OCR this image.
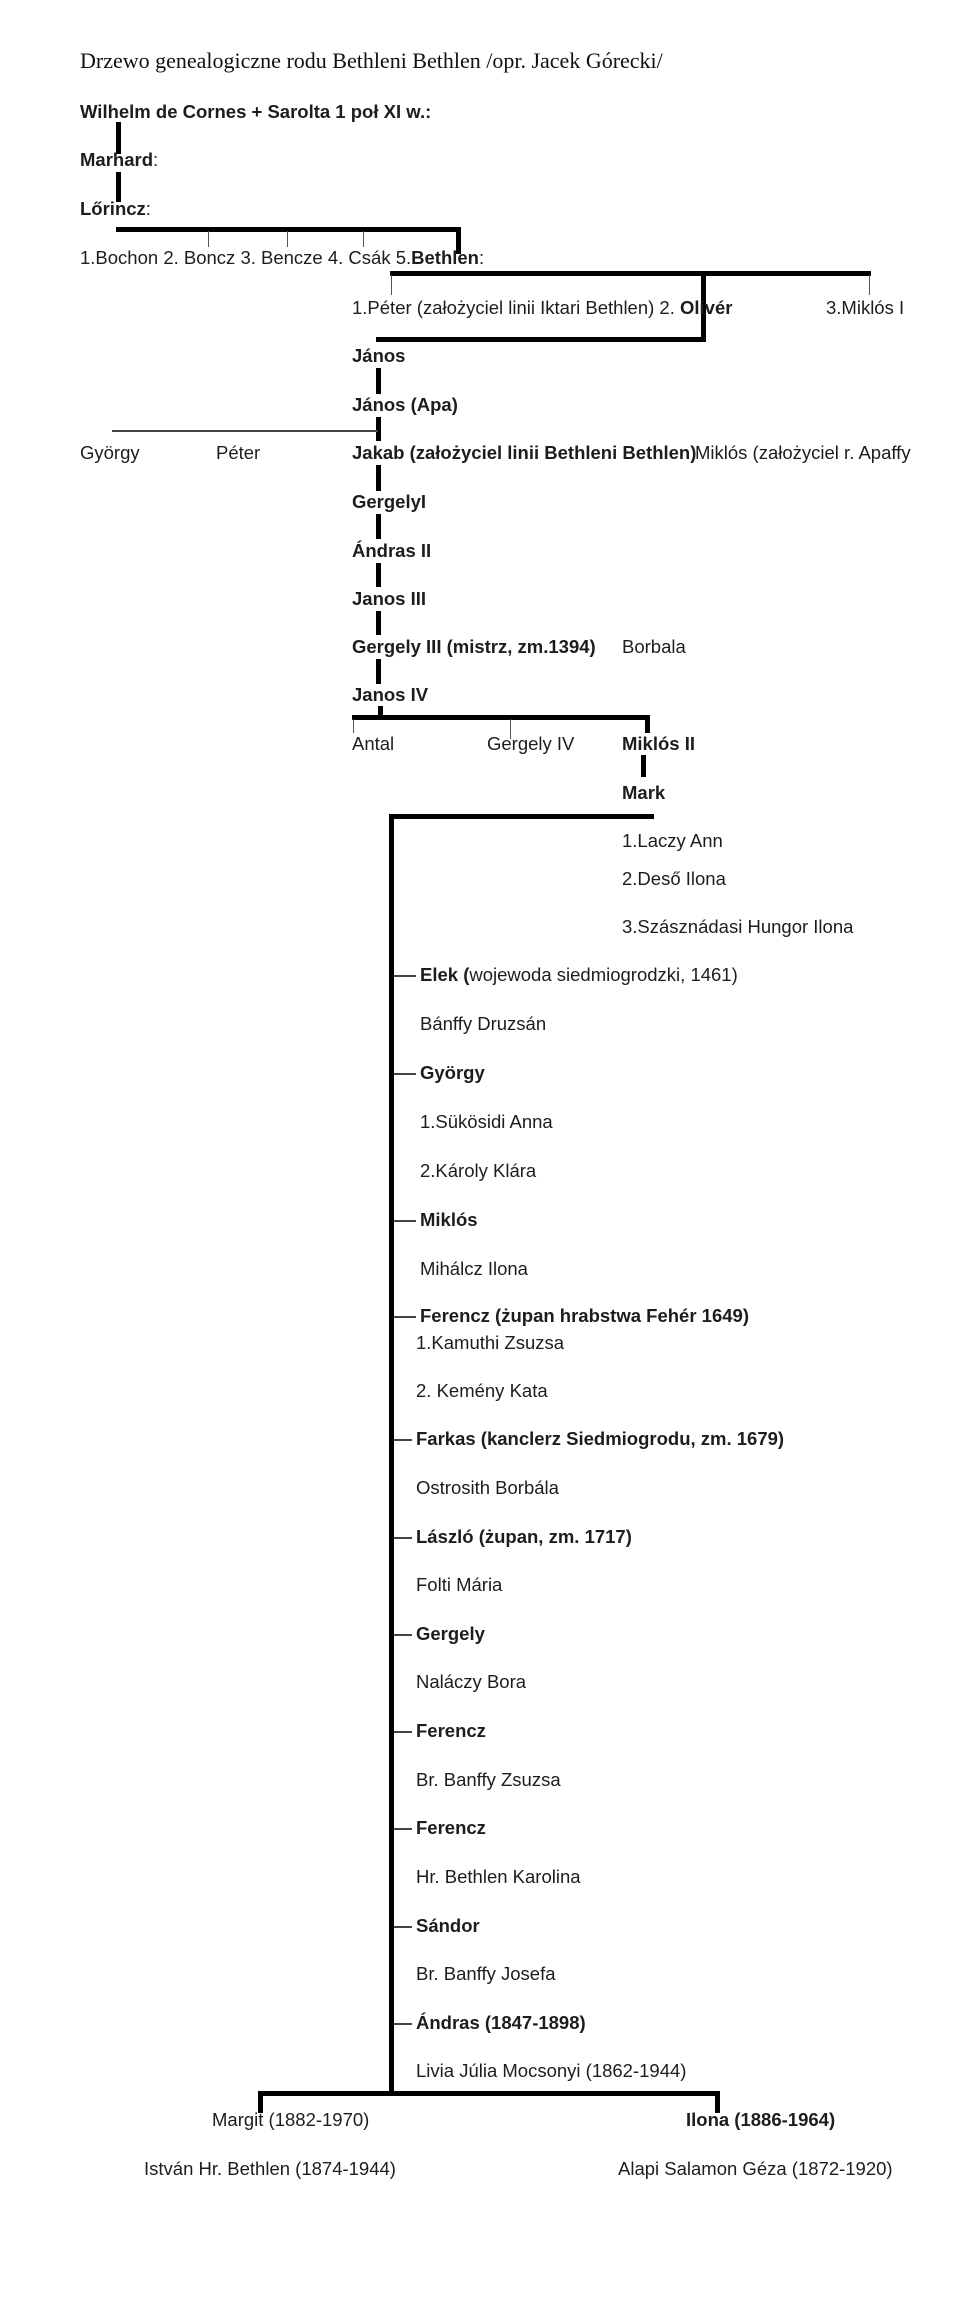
Drzewo genealogiczne rodu Bethleni Bethlen /opr. Jacek Górecki/
Wilhelm de Cornes + Sarolta 1 poł XI w.:
Marhard:
Lőrincz:
1.Bochon 2. Boncz 3. Bencze 4. Csák 5.Bethlen:
1.Péter (założyciel linii Iktari Bethlen) 2. Olivér	3.Miklós I
János
János (Apa)
György	Péter	Jakab (założyciel linii Bethleni Bethlen)
Miklós (założyciel r. Apaffy
GergelyI
Ándras II
Janos III
Gergely III (mistrz, zm.1394) Borbala
Janos IV
Antal	Gergely IV	Miklós II
Mark
1.Laczy Ann
2.Deső Ilona
3.Szásznádasi Hungor Ilona
Elek (wojewoda siedmiogrodzki, 1461)
Bánffy Druzsán
György
1.Sükösidi Anna
2.Károly Klára
Miklós
Mihálcz Ilona
Ferencz (żupan hrabstwa Fehér 1649)
1.Kamuthi Zsuzsa
2. Kemény Kata
Farkas (kanclerz Siedmiogrodu, zm. 1679)
Ostrosith Borbála
László (żupan, zm. 1717)
Folti Mária
Gergely
Naláczy Bora
Ferencz
Br. Banffy Zsuzsa
Ferencz
Hr. Bethlen Karolina
Sándor
Br. Banffy Josefa
Ándras (1847-1898)
Livia Júlia Mocsonyi (1862-1944)
Margit (1882-1970)	Ilona (1886-1964)
István Hr. Bethlen (1874-1944)	Alapi Salamon Géza (1872-1920)
